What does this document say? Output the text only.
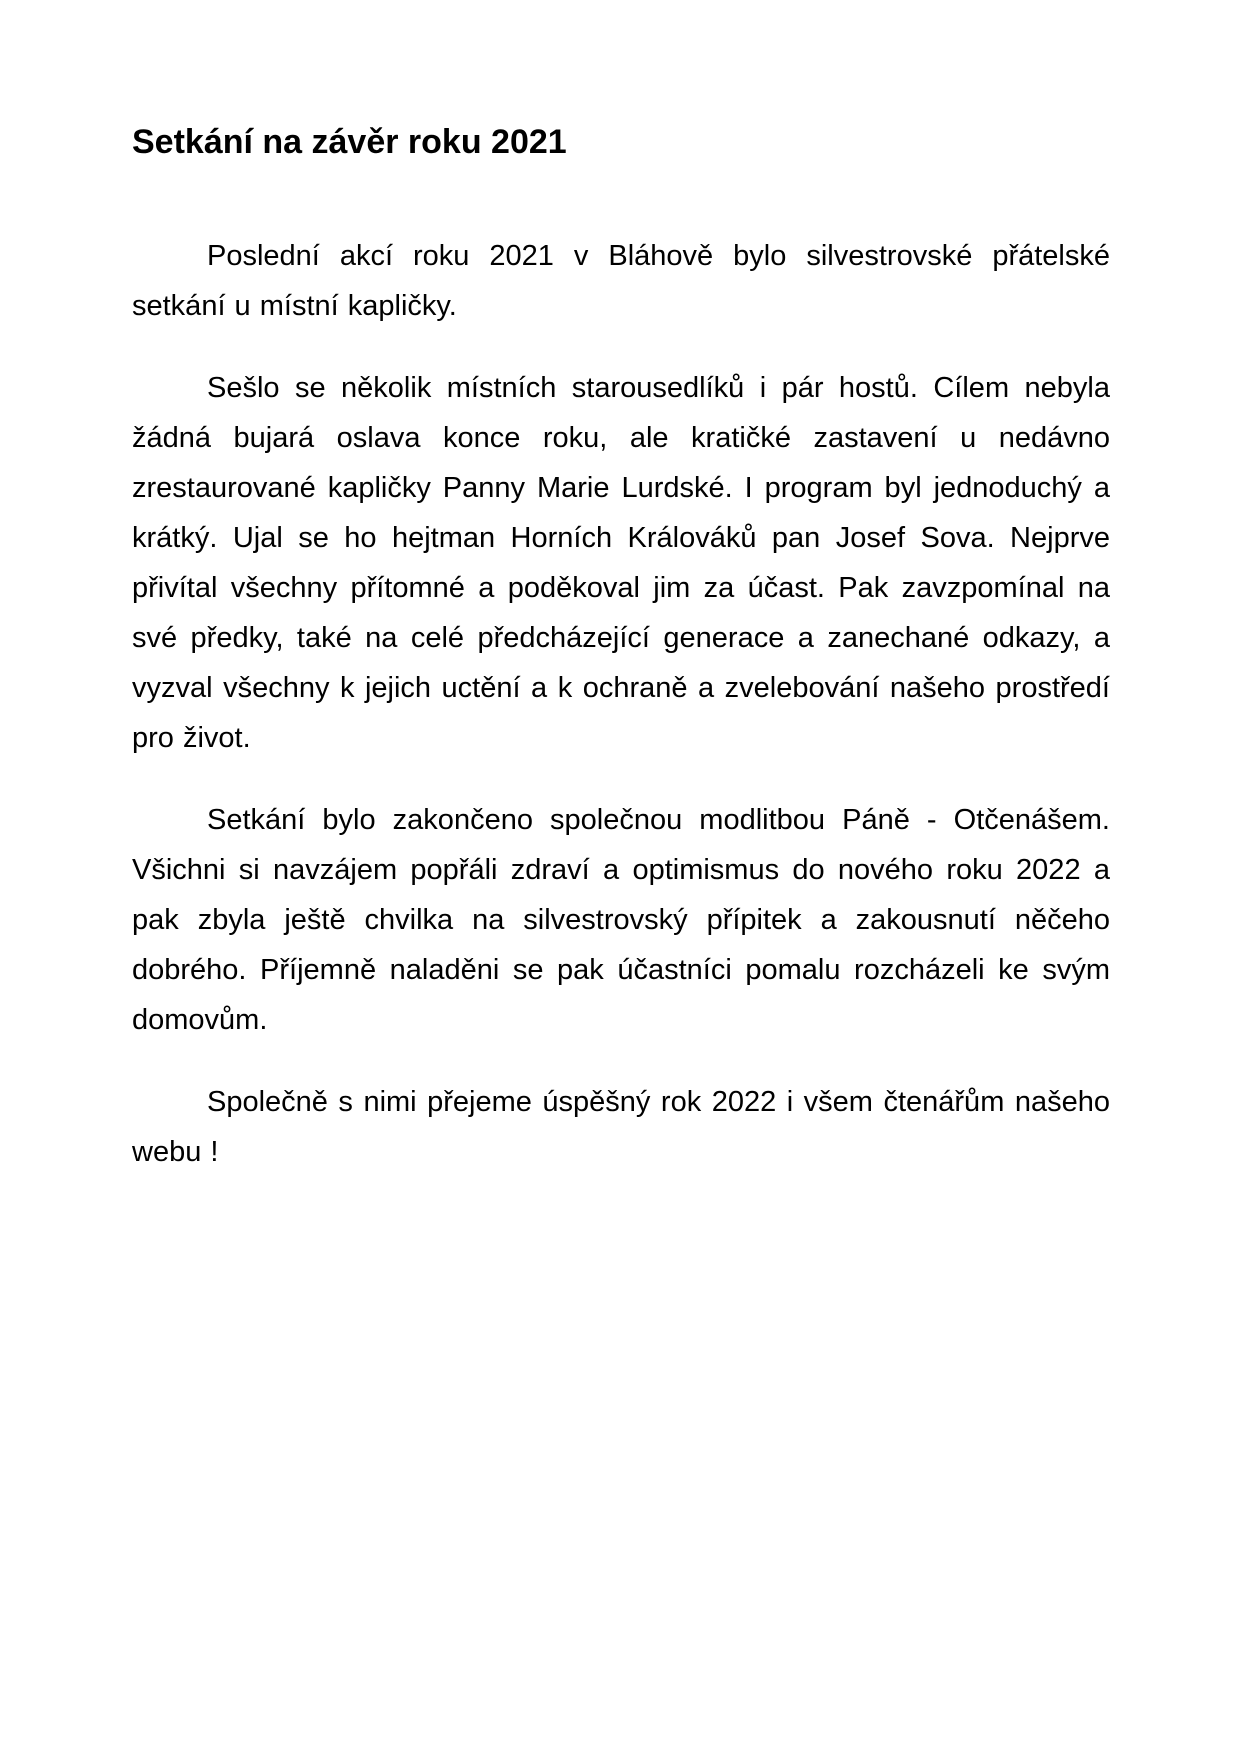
Setkání na závěr roku 2021

Poslední akcí roku 2021 v Bláhově bylo silvestrovské přátelské setkání u místní kapličky.

Sešlo se několik místních starousedlíků i pár hostů. Cílem nebyla žádná bujará oslava konce roku, ale kratičké zastavení u nedávno zrestaurované kapličky Panny Marie Lurdské. I program byl jednoduchý a krátký. Ujal se ho hejtman Horních Králováků pan Josef Sova. Nejprve přivítal všechny přítomné a poděkoval jim za účast. Pak zavzpomínal na své předky, také na celé předcházející generace a zanechané odkazy, a vyzval všechny k jejich uctění a k ochraně a zvelebování našeho prostředí pro život.

Setkání bylo zakončeno společnou modlitbou Páně - Otčenášem. Všichni si navzájem popřáli zdraví a optimismus do nového roku 2022 a pak zbyla ještě chvilka na silvestrovský přípitek a zakousnutí něčeho dobrého. Příjemně naladěni se pak účastníci pomalu rozcházeli ke svým domovům.

Společně s nimi přejeme úspěšný rok 2022 i všem čtenářům našeho webu !
